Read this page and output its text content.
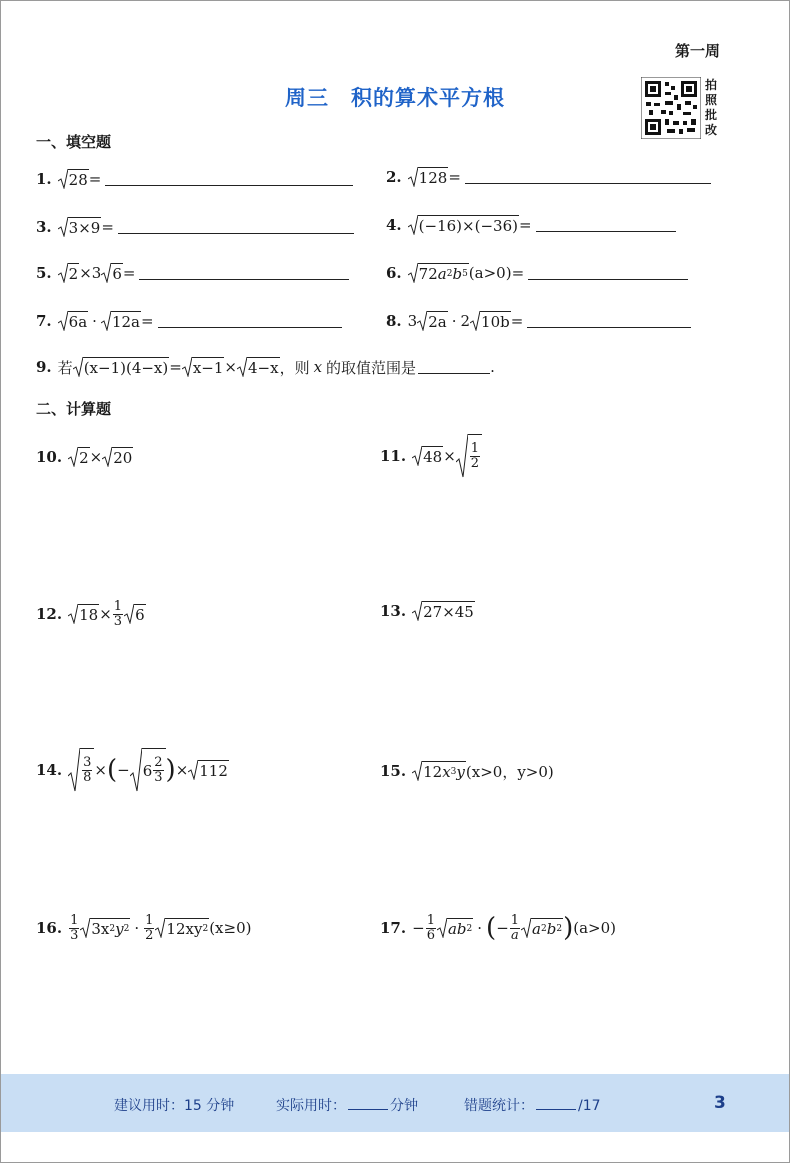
第一周
周三 积的算术平方根
拍照批改
一、填空题
1. 28 =	2. 128 =
3. 3×9 =	4. (−16)×(−36) =
5. 2 ×3 6 =	6. 72 a 2 b 5 (a>0) =
7. 6a · 12a =	8. 3 2a · 2 10b =
9. 若 (x−1)(4−x) = x−1 × 4−x ，则 x 的取值范围是	.
二、计算题
10. 2 × 20	11. $48 \times \frac{1}{2}$
12. $18 \times \frac{1}{3} 6$	13. 27×45
14. $\frac{3}{8}$ × ( − $6 \frac{2}{3}$ ) × 112	15. 12 x 3 y (x>0，y>0)
16. $\frac{1}{3} 3x$ 2 y $2 \cdot \frac{1}{2} 12xy$ 2 (x≥0)	17. − $\frac{1}{6}$ ab 2 · ( − $\frac{1}{a}$ a 2 b 2 ) (a>0)
建议用时：15 分钟	实际用时：	分钟	错题统计：	/17	3
